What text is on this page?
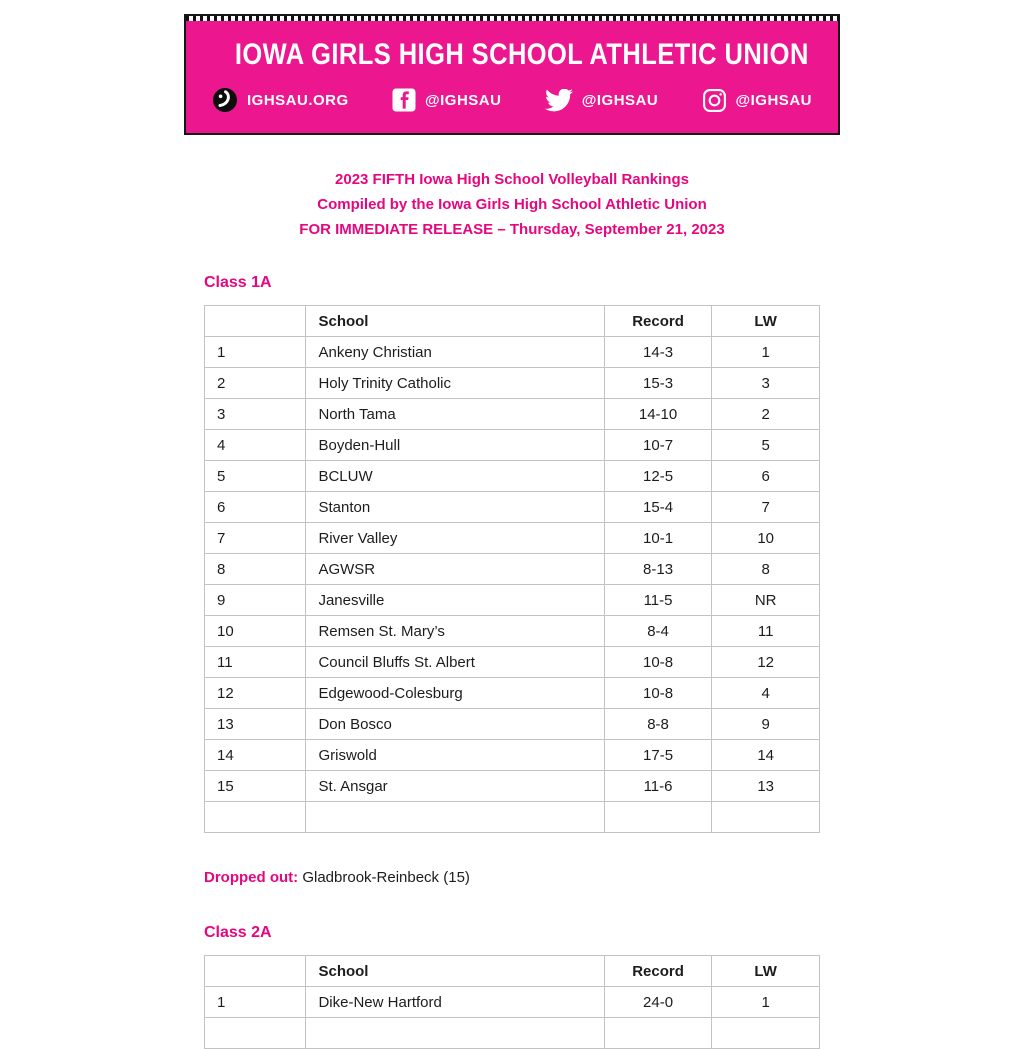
IOWA GIRLS HIGH SCHOOL ATHLETIC UNION
IGHSAU.ORG	@IGHSAU	@IGHSAU	@IGHSAU

2023 FIFTH Iowa High School Volleyball Rankings

Compiled by the Iowa Girls High School Athletic Union

FOR IMMEDIATE RELEASE – Thursday, September 21, 2023

Class 1A
	School	Record	LW
1	Ankeny Christian	14-3	1
2	Holy Trinity Catholic	15-3	3
3	North Tama	14-10	2
4	Boyden-Hull	10-7	5
5	BCLUW	12-5	6
6	Stanton	15-4	7
7	River Valley	10-1	10
8	AGWSR	8-13	8
9	Janesville	11-5	NR
10	Remsen St. Mary’s	8-4	11
11	Council Bluffs St. Albert	10-8	12
12	Edgewood-Colesburg	10-8	4
13	Don Bosco	8-8	9
14	Griswold	17-5	14
15	St. Ansgar	11-6	13

Dropped out: Gladbrook-Reinbeck (15)

Class 2A
	School	Record	LW
1	Dike-New Hartford	24-0	1
